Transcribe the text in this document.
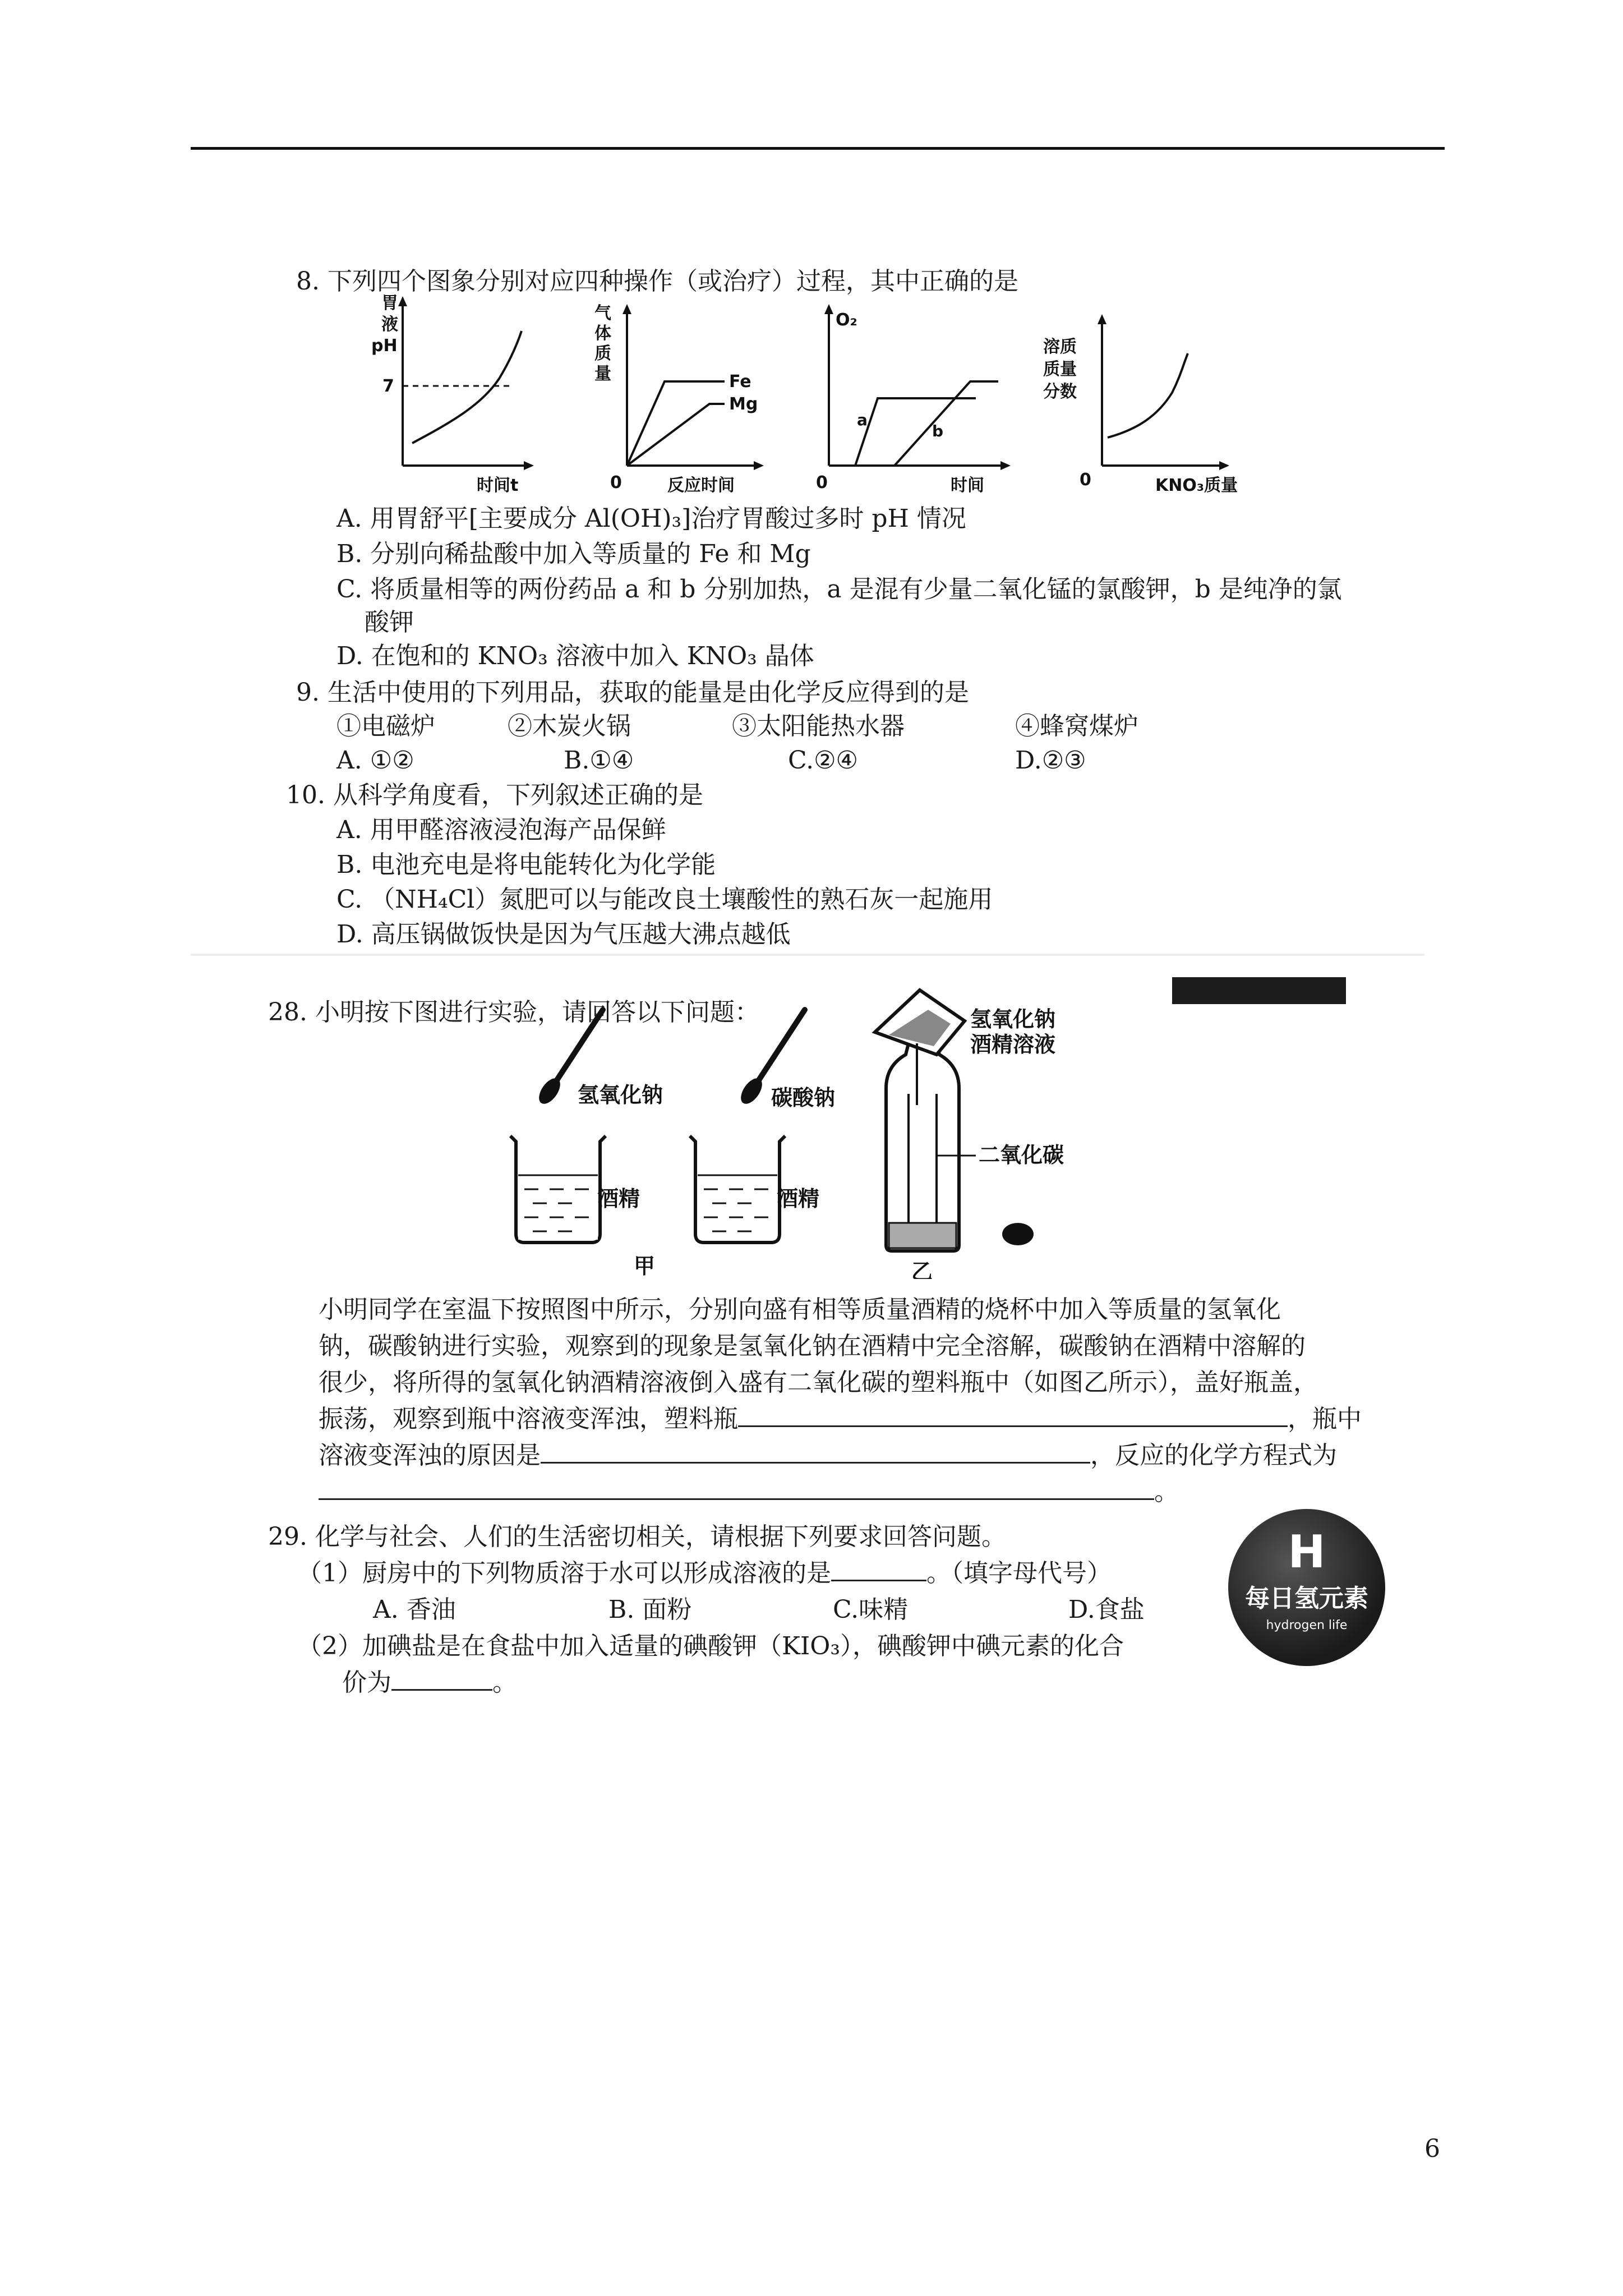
8. 下列四个图象分别对应四种操作（或治疗）过程，其中正确的是
胃
液
pH
7
时间t
气
体
质
量	Fe
Mg
0	反应时间
O₂
a
b
0	时间
溶质
质量
分数
0	KNO₃质量
A. 用胃舒平[主要成分 Al(OH)₃]治疗胃酸过多时 pH 情况
B. 分别向稀盐酸中加入等质量的 Fe 和 Mg
C. 将质量相等的两份药品 a 和 b 分别加热，a 是混有少量二氧化锰的氯酸钾，b 是纯净的氯
酸钾
D. 在饱和的 KNO₃ 溶液中加入 KNO₃ 晶体
9. 生活中使用的下列用品，获取的能量是由化学反应得到的是
①电磁炉	②木炭火锅	③太阳能热水器	④蜂窝煤炉
A. ①②	B.①④	C.②④	D.②③
10. 从科学角度看，下列叙述正确的是
A. 用甲醛溶液浸泡海产品保鲜
B. 电池充电是将电能转化为化学能
C. （NH₄Cl）氮肥可以与能改良土壤酸性的熟石灰一起施用
D. 高压锅做饭快是因为气压越大沸点越低
28. 小明按下图进行实验，请回答以下问题：
氢氧化钠	碳酸钠
酒精	酒精
甲
氢氧化钠
酒精溶液
二氧化碳
乙
小明同学在室温下按照图中所示，分别向盛有相等质量酒精的烧杯中加入等质量的氢氧化
钠，碳酸钠进行实验，观察到的现象是氢氧化钠在酒精中完全溶解，碳酸钠在酒精中溶解的
很少，将所得的氢氧化钠酒精溶液倒入盛有二氧化碳的塑料瓶中（如图乙所示），盖好瓶盖，
振荡，观察到瓶中溶液变浑浊，塑料瓶	，瓶中
溶液变浑浊的原因是	，反应的化学方程式为
。
29. 化学与社会、人们的生活密切相关，请根据下列要求回答问题。
（1）厨房中的下列物质溶于水可以形成溶液的是	。（填字母代号）
A. 香油	B. 面粉	C.味精	D.食盐
（2）加碘盐是在食盐中加入适量的碘酸钾（KIO₃），碘酸钾中碘元素的化合
价为	。
H
每日氢元素
hydrogen life
6
